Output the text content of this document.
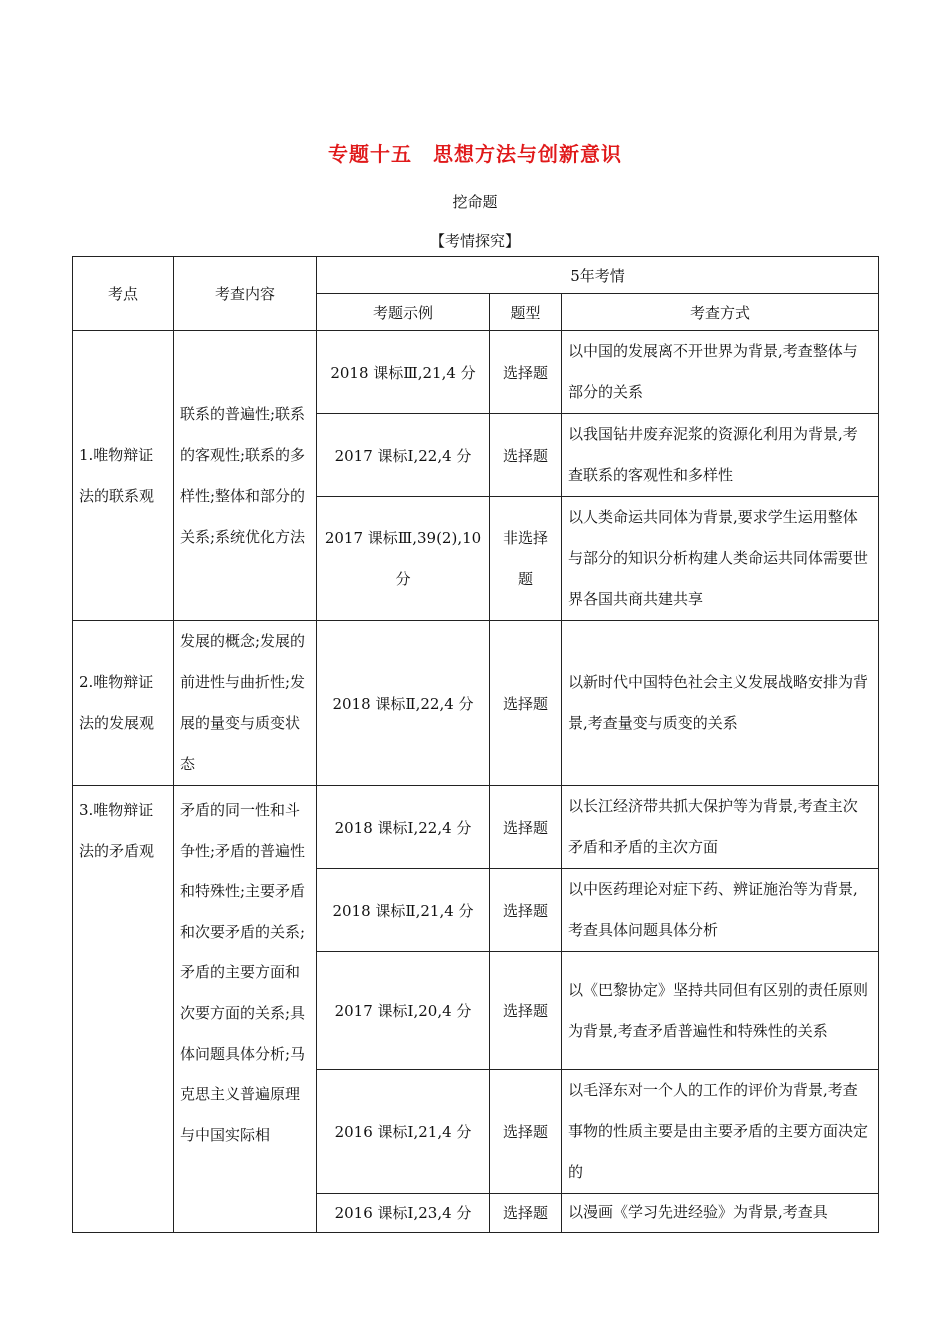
专题十五　思想方法与创新意识
挖命题
【考情探究】
考点	考查内容	5年考情		
		考题示例	题型	考查方式
1.唯物辩证法的联系观	联系的普遍性;联系的客观性;联系的多样性;整体和部分的关系;系统优化方法	2018 课标Ⅲ,21,4 分	选择题	以中国的发展离不开世界为背景,考查整体与部分的关系
		2017 课标Ⅰ,22,4 分	选择题	以我国钻井废弃泥浆的资源化利用为背景,考查联系的客观性和多样性
		2017 课标Ⅲ,39(2),10 分	非选择题	以人类命运共同体为背景,要求学生运用整体与部分的知识分析构建人类命运共同体需要世界各国共商共建共享
2.唯物辩证法的发展观	发展的概念;发展的前进性与曲折性;发展的量变与质变状态	2018 课标Ⅱ,22,4 分	选择题	以新时代中国特色社会主义发展战略安排为背景,考查量变与质变的关系
3.唯物辩证法的矛盾观	矛盾的同一性和斗争性;矛盾的普遍性和特殊性;主要矛盾和次要矛盾的关系;矛盾的主要方面和次要方面的关系;具体问题具体分析;马克思主义普遍原理与中国实际相	2018 课标Ⅰ,22,4 分	选择题	以长江经济带共抓大保护等为背景,考查主次矛盾和矛盾的主次方面
		2018 课标Ⅱ,21,4 分	选择题	以中医药理论对症下药、辨证施治等为背景,考查具体问题具体分析
		2017 课标Ⅰ,20,4 分	选择题	以《巴黎协定》坚持共同但有区别的责任原则为背景,考查矛盾普遍性和特殊性的关系
		2016 课标Ⅰ,21,4 分	选择题	以毛泽东对一个人的工作的评价为背景,考查事物的性质主要是由主要矛盾的主要方面决定的
		2016 课标Ⅰ,23,4 分	选择题	以漫画《学习先进经验》为背景,考查具
